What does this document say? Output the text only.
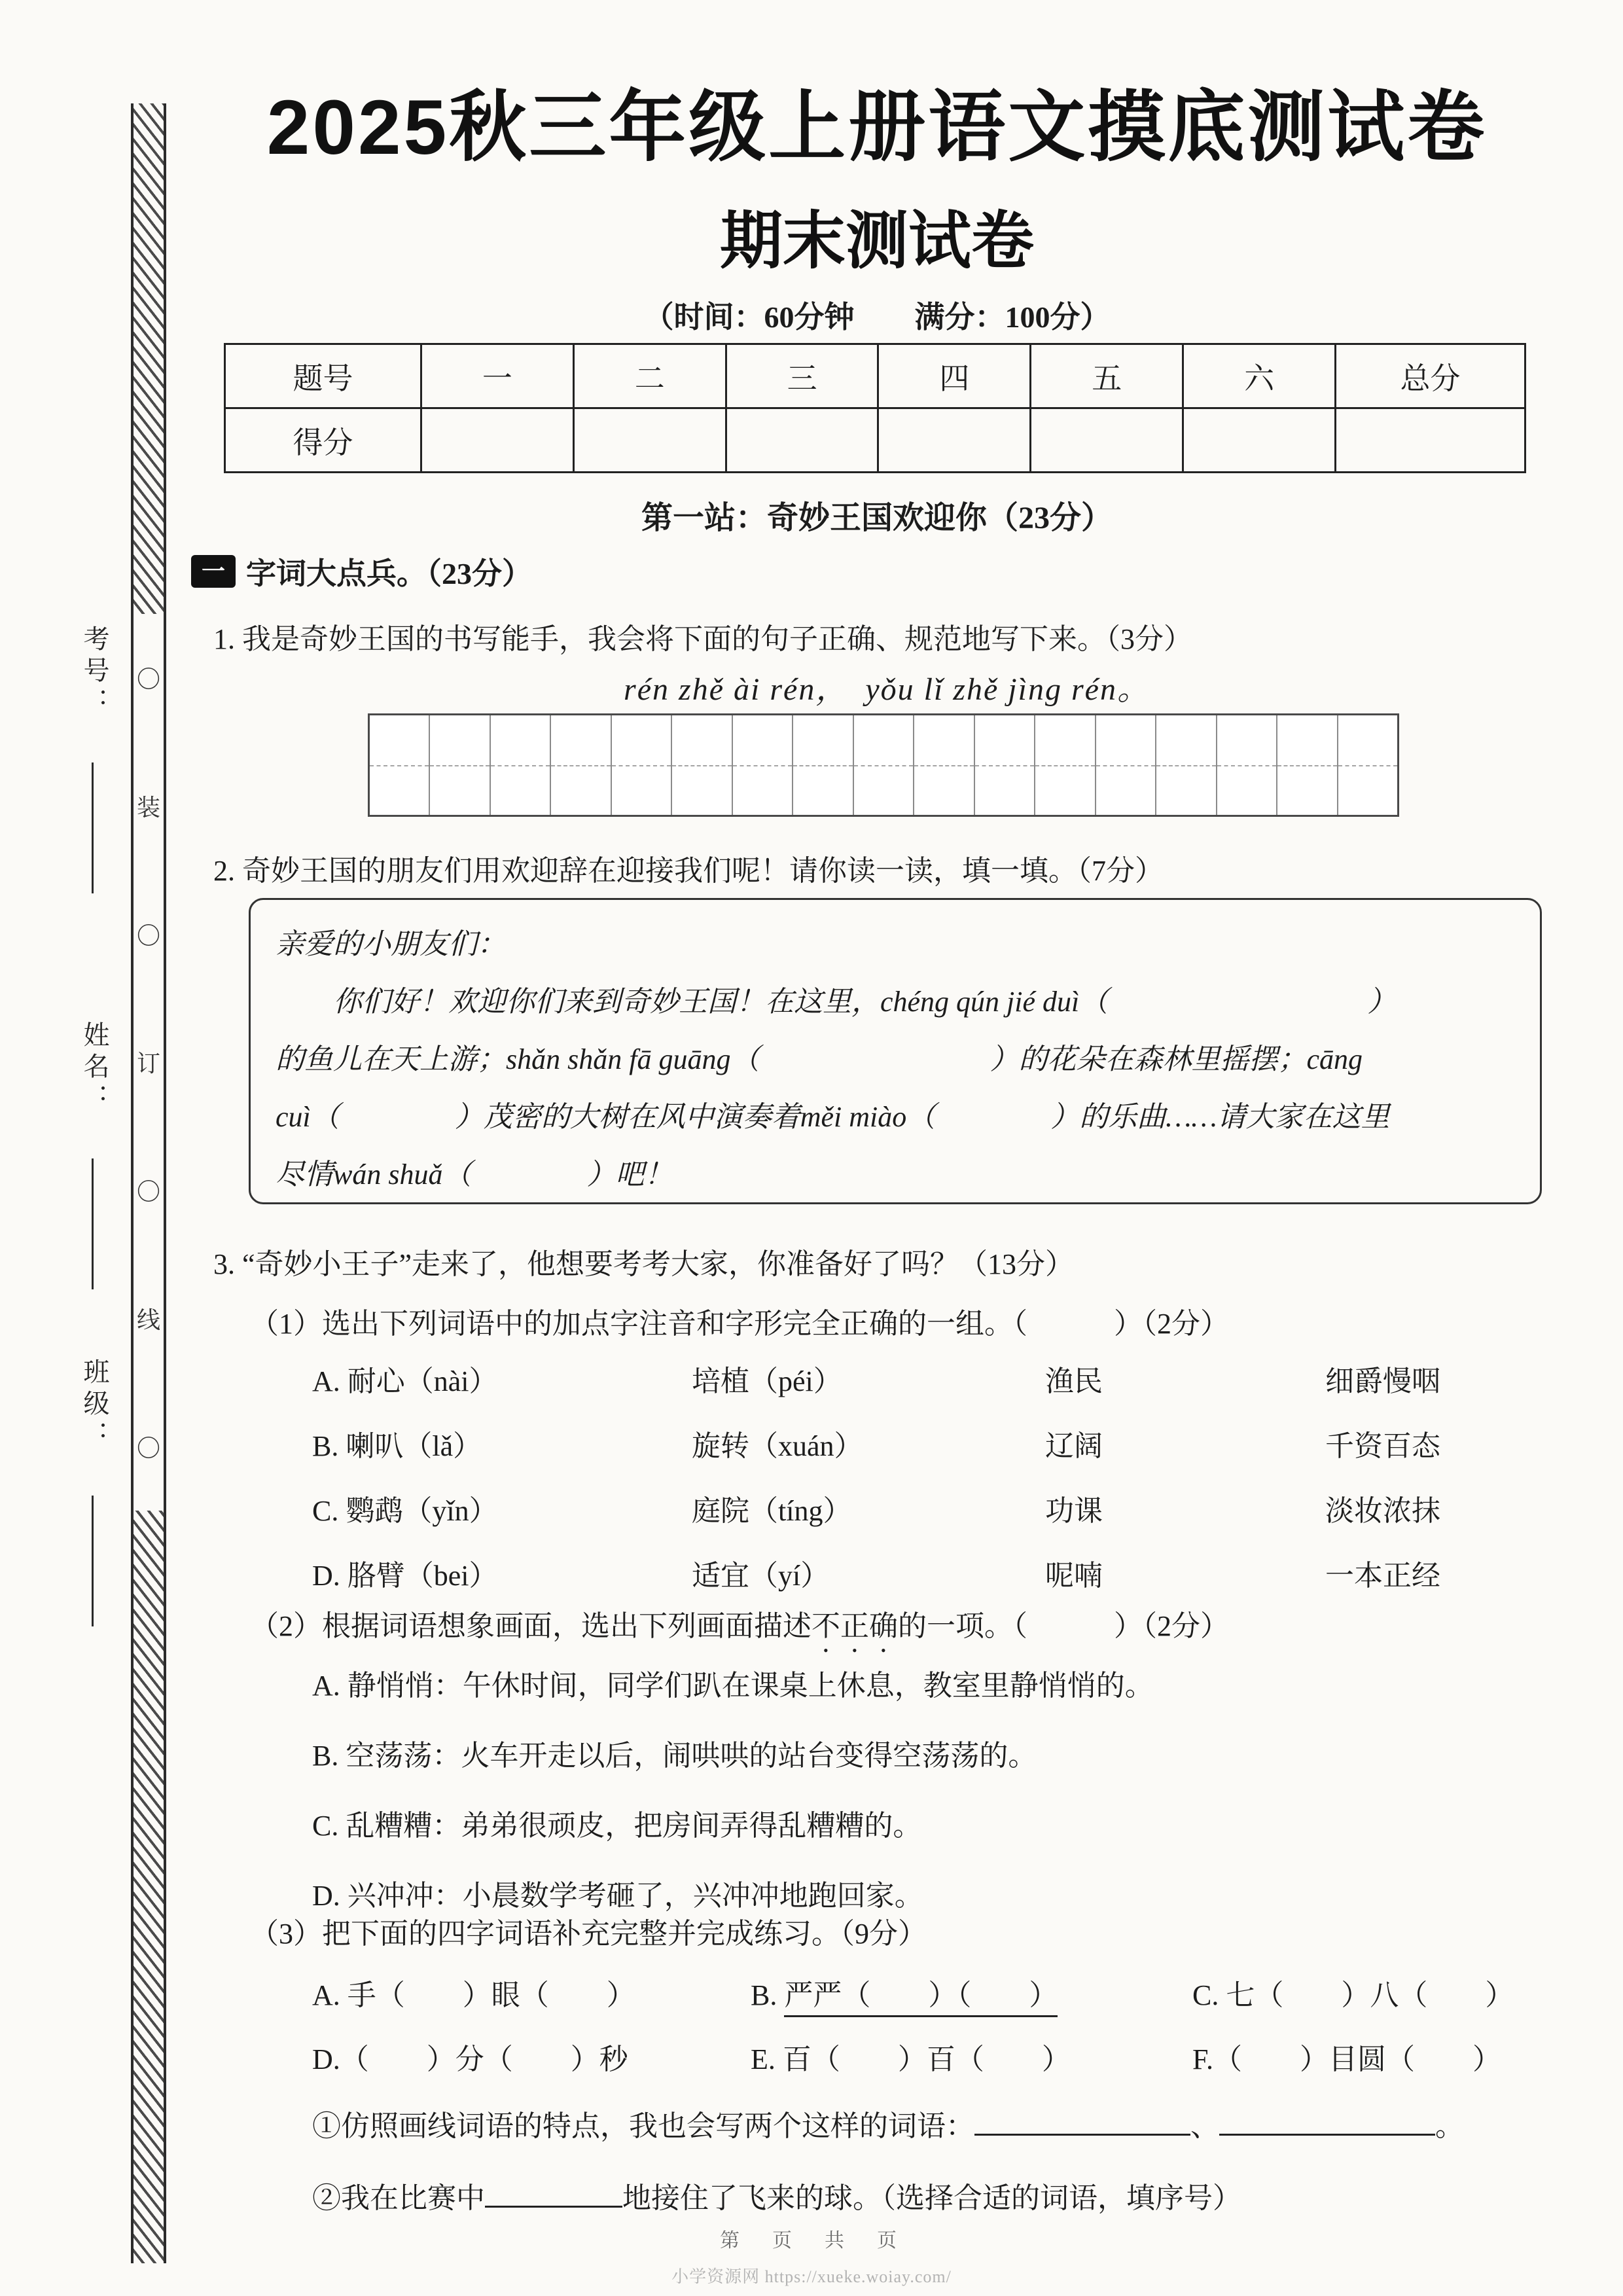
考号：
姓名：
班级：
〇
装
〇
订
〇
线
〇
2025秋三年级上册语文摸底测试卷
期末测试卷
（时间：60分钟　　满分：100分）
题号	一	二	三	四	五	六	总分
得分							
第一站：奇妙王国欢迎你（23分）
一 字词大点兵。（23分）
1. 我是奇妙王国的书写能手，我会将下面的句子正确、规范地写下来。（3分）
rén zhě ài rén，　yǒu lǐ zhě jìng rén。
2. 奇妙王国的朋友们用欢迎辞在迎接我们呢！请你读一读，填一填。（7分）
亲爱的小朋友们：
　　你们好！欢迎你们来到奇妙王国！在这里，chéng qún jié duì（　　　　　　　　　）
的鱼儿在天上游；shǎn shǎn fā guāng（　　　　　　　　）的花朵在森林里摇摆；cāng
cuì（　　　　）茂密的大树在风中演奏着měi miào（　　　　）的乐曲……请大家在这里
尽情wán shuǎ（　　　　）吧！
3. “奇妙小王子”走来了，他想要考考大家，你准备好了吗？（13分）
（1）选出下列词语中的加点字注音和字形完全正确的一组。（　　　）（2分）
A. 耐心（nài）	培植（péi）	渔民	细爵慢咽
B. 喇叭（lǎ）	旋转（xuán）	辽阔	千资百态
C. 鹦鹉（yǐn）	庭院（tíng）	功课	淡妆浓抹
D. 胳臂（bei）	适宜（yí）	呢喃	一本正经
（2）根据词语想象画面，选出下列画面描述不正确的一项。（　　　）（2分）
A. 静悄悄：午休时间，同学们趴在课桌上休息，教室里静悄悄的。
B. 空荡荡：火车开走以后，闹哄哄的站台变得空荡荡的。
C. 乱糟糟：弟弟很顽皮，把房间弄得乱糟糟的。
D. 兴冲冲：小晨数学考砸了，兴冲冲地跑回家。
（3）把下面的四字词语补充完整并完成练习。（9分）
A. 手（　　）眼（　　）	B. 严严（　　）（　　）	C. 七（　　）八（　　）
D.（　　）分（　　）秒	E. 百（　　）百（　　）	F.（　　）目圆（　　）
①仿照画线词语的特点，我也会写两个这样的词语：	、	。
②我在比赛中	地接住了飞来的球。（选择合适的词语，填序号）
第　页　共　页
小学资源网 https://xueke.woiay.com/
